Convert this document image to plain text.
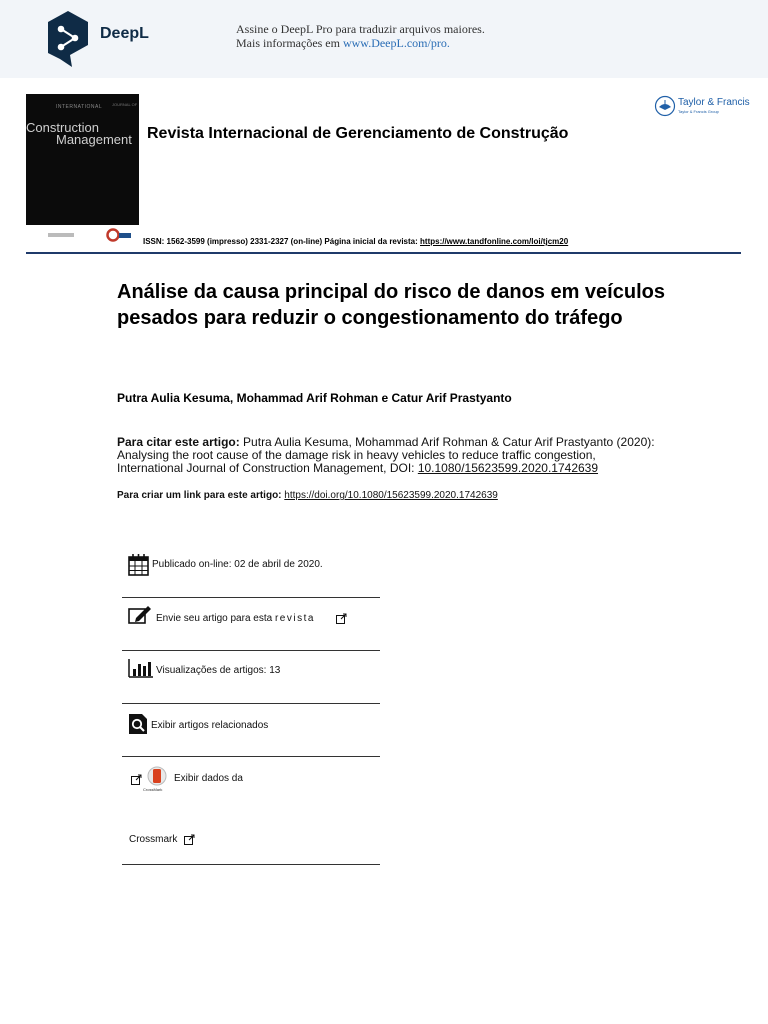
DeepL	Assine o DeepL Pro para traduzir arquivos maiores.
Mais informações em www.DeepL.com/pro.
INTERNATIONAL JOURNAL OF
Construction
Management Revista Internacional de Gerenciamento de Construção
Taylor & Francis
Taylor & Francis Group
ISSN: 1562-3599 (impresso) 2331-2327 (on-line) Página inicial da revista: https://www.tandfonline.com/loi/tjcm20
Análise da causa principal do risco de danos em veículos pesados para reduzir o congestionamento do tráfego
Putra Aulia Kesuma, Mohammad Arif Rohman e Catur Arif Prastyanto
Para citar este artigo: Putra Aulia Kesuma, Mohammad Arif Rohman & Catur Arif Prastyanto (2020): Analysing the root cause of the damage risk in heavy vehicles to reduce traffic congestion, International Journal of Construction Management, DOI: 10.1080/15623599.2020.1742639
Para criar um link para este artigo: https://doi.org/10.1080/15623599.2020.1742639
Publicado on-line: 02 de abril de 2020.
Envie seu artigo para esta revista
Visualizações de artigos: 13
Exibir artigos relacionados
CrossMark
Exibir dados da
Crossmark
